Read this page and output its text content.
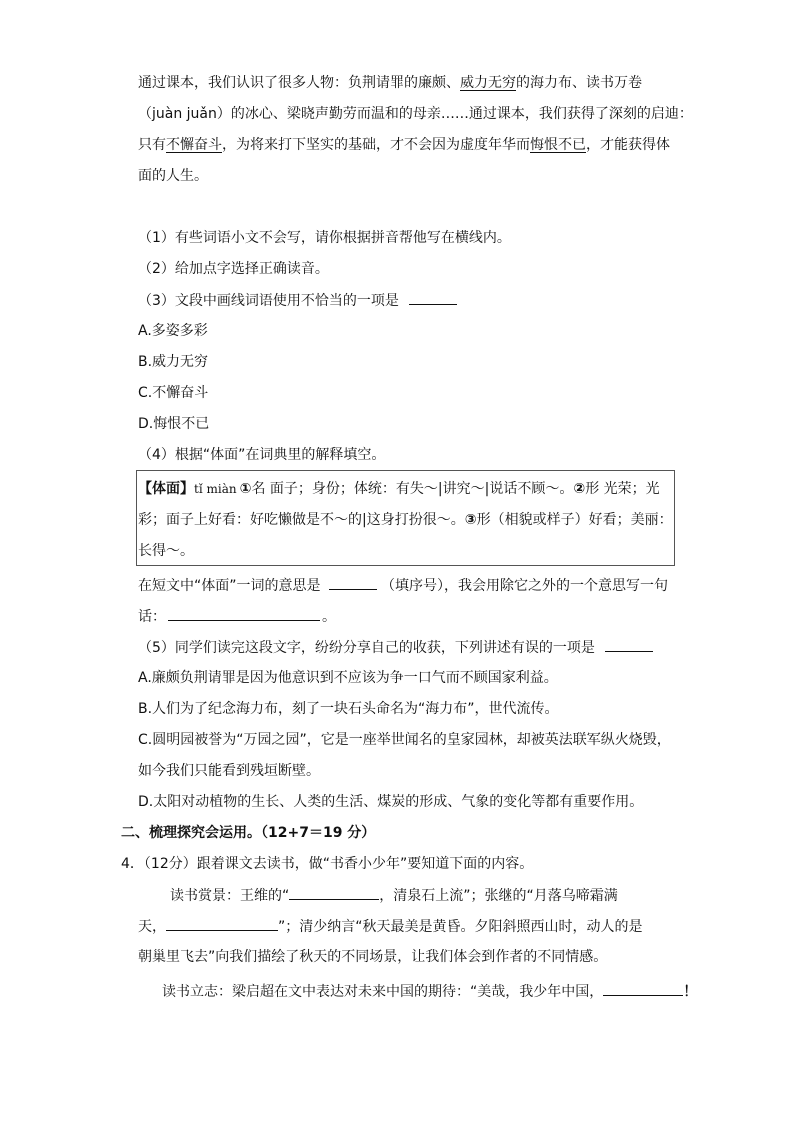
通过课本，我们认识了很多人物：负荆请罪的廉颇、威力无穷的海力布、读书万卷
（juàn juǎn）的冰心、梁晓声勤劳而温和的母亲……通过课本，我们获得了深刻的启迪：
只有不懈奋斗，为将来打下坚实的基础，才不会因为虚度年华而悔恨不已，才能获得体
面的人生。
（1）有些词语小文不会写，请你根据拼音帮他写在横线内。
（2）给加点字选择正确读音。
（3）文段中画线词语使用不恰当的一项是
A.多姿多彩
B.威力无穷
C.不懈奋斗
D.悔恨不已
（4）根据“体面”在词典里的解释填空。
【体面】tǐ miàn ①名 面子；身份；体统：有失～|讲究～|说话不顾～。②形 光荣；光
彩；面子上好看：好吃懒做是不～的|这身打扮很～。③形（相貌或样子）好看；美丽：
长得～。
在短文中“体面”一词的意思是	（填序号），我会用除它之外的一个意思写一句
话：	。
（5）同学们读完这段文字，纷纷分享自己的收获，下列讲述有误的一项是
A.廉颇负荆请罪是因为他意识到不应该为争一口气而不顾国家利益。
B.人们为了纪念海力布，刻了一块石头命名为“海力布”，世代流传。
C.圆明园被誉为“万园之园”，它是一座举世闻名的皇家园林，却被英法联军纵火烧毁，
如今我们只能看到残垣断壁。
D.太阳对动植物的生长、人类的生活、煤炭的形成、气象的变化等都有重要作用。
二、梳理探究会运用。（12+7＝19 分）
4．（12分）跟着课文去读书，做“书香小少年”要知道下面的内容。
读书赏景：王维的“	，清泉石上流”；张继的“月落乌啼霜满
天，	”；清少纳言“秋天最美是黄昏。夕阳斜照西山时，动人的是
朝巢里飞去”向我们描绘了秋天的不同场景，让我们体会到作者的不同情感。
读书立志：梁启超在文中表达对未来中国的期待：“美哉，我少年中国，	！
